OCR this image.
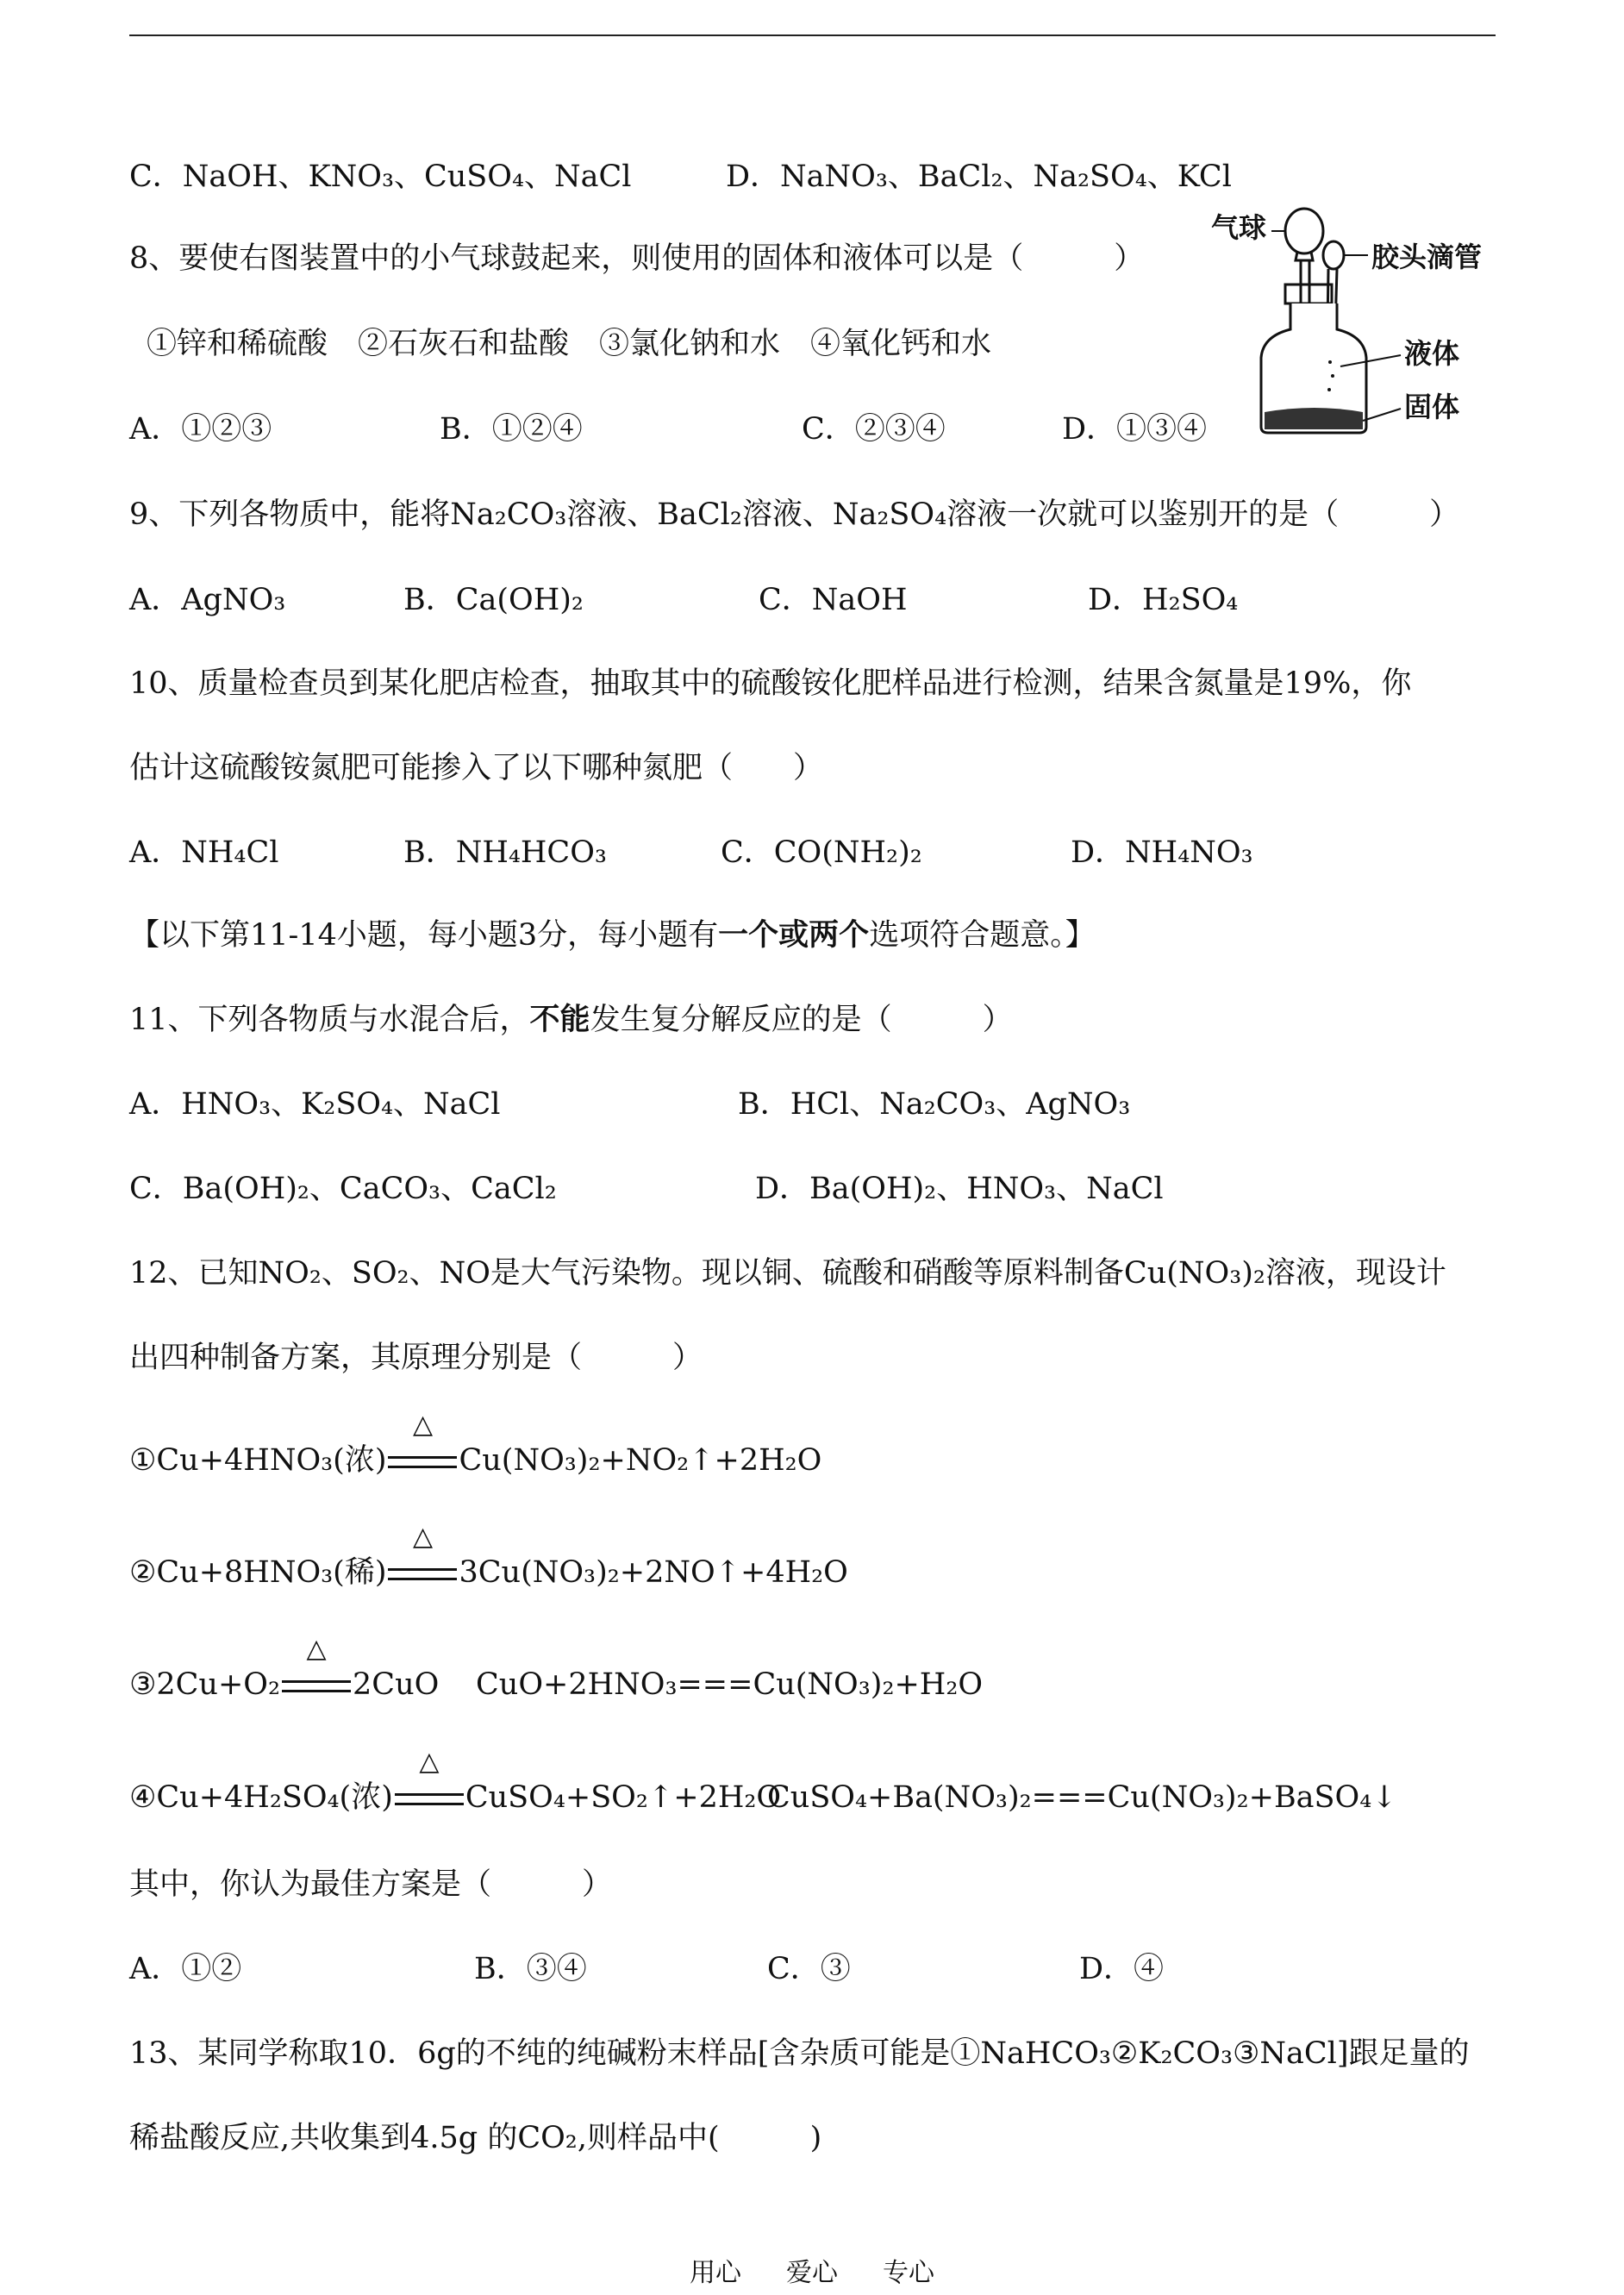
C．NaOH、KNO₃、CuSO₄、NaCl	D．NaNO₃、BaCl₂、Na₂SO₄、KCl
8、要使右图装置中的小气球鼓起来，则使用的固体和液体可以是（　　　）
①锌和稀硫酸　②石灰石和盐酸　③氯化钠和水　④氧化钙和水
A．①②③	B．①②④	C．②③④	D．①③④
气球
胶头滴管
液体
固体
9、下列各物质中，能将Na₂CO₃溶液、BaCl₂溶液、Na₂SO₄溶液一次就可以鉴别开的是（　　　）
A．AgNO₃	B．Ca(OH)₂	C．NaOH	D．H₂SO₄
10、质量检查员到某化肥店检查，抽取其中的硫酸铵化肥样品进行检测，结果含氮量是19%，你
估计这硫酸铵氮肥可能掺入了以下哪种氮肥（　　）
A．NH₄Cl	B．NH₄HCO₃	C．CO(NH₂)₂	D．NH₄NO₃
【以下第11-14小题，每小题3分，每小题有一个或两个选项符合题意。】
11、下列各物质与水混合后，不能发生复分解反应的是（　　　）
A．HNO₃、K₂SO₄、NaCl	B．HCl、Na₂CO₃、AgNO₃
C．Ba(OH)₂、CaCO₃、CaCl₂	D．Ba(OH)₂、HNO₃、NaCl
12、已知NO₂、SO₂、NO是大气污染物。现以铜、硫酸和硝酸等原料制备Cu(NO₃)₂溶液，现设计
出四种制备方案，其原理分别是（　　　）
①Cu+4HNO₃(浓)
△
Cu(NO₃)₂+NO₂↑+2H₂O
②Cu+8HNO₃(稀)
△
3Cu(NO₃)₂+2NO↑+4H₂O
③2Cu+O₂
△
2CuO CuO+2HNO₃===Cu(NO₃)₂+H₂O
④Cu+4H₂SO₄(浓)
△
CuSO₄+SO₂↑+2H₂O
CuSO₄+Ba(NO₃)₂===Cu(NO₃)₂+BaSO₄↓
其中，你认为最佳方案是（　　　）
A．①②	B．③④	C．③	D．④
13、某同学称取10．6g的不纯的纯碱粉末样品[含杂质可能是①NaHCO₃②K₂CO₃③NaCl]跟足量的
稀盐酸反应,共收集到4.5g 的CO₂,则样品中(　　　)
用心 爱心 专心
